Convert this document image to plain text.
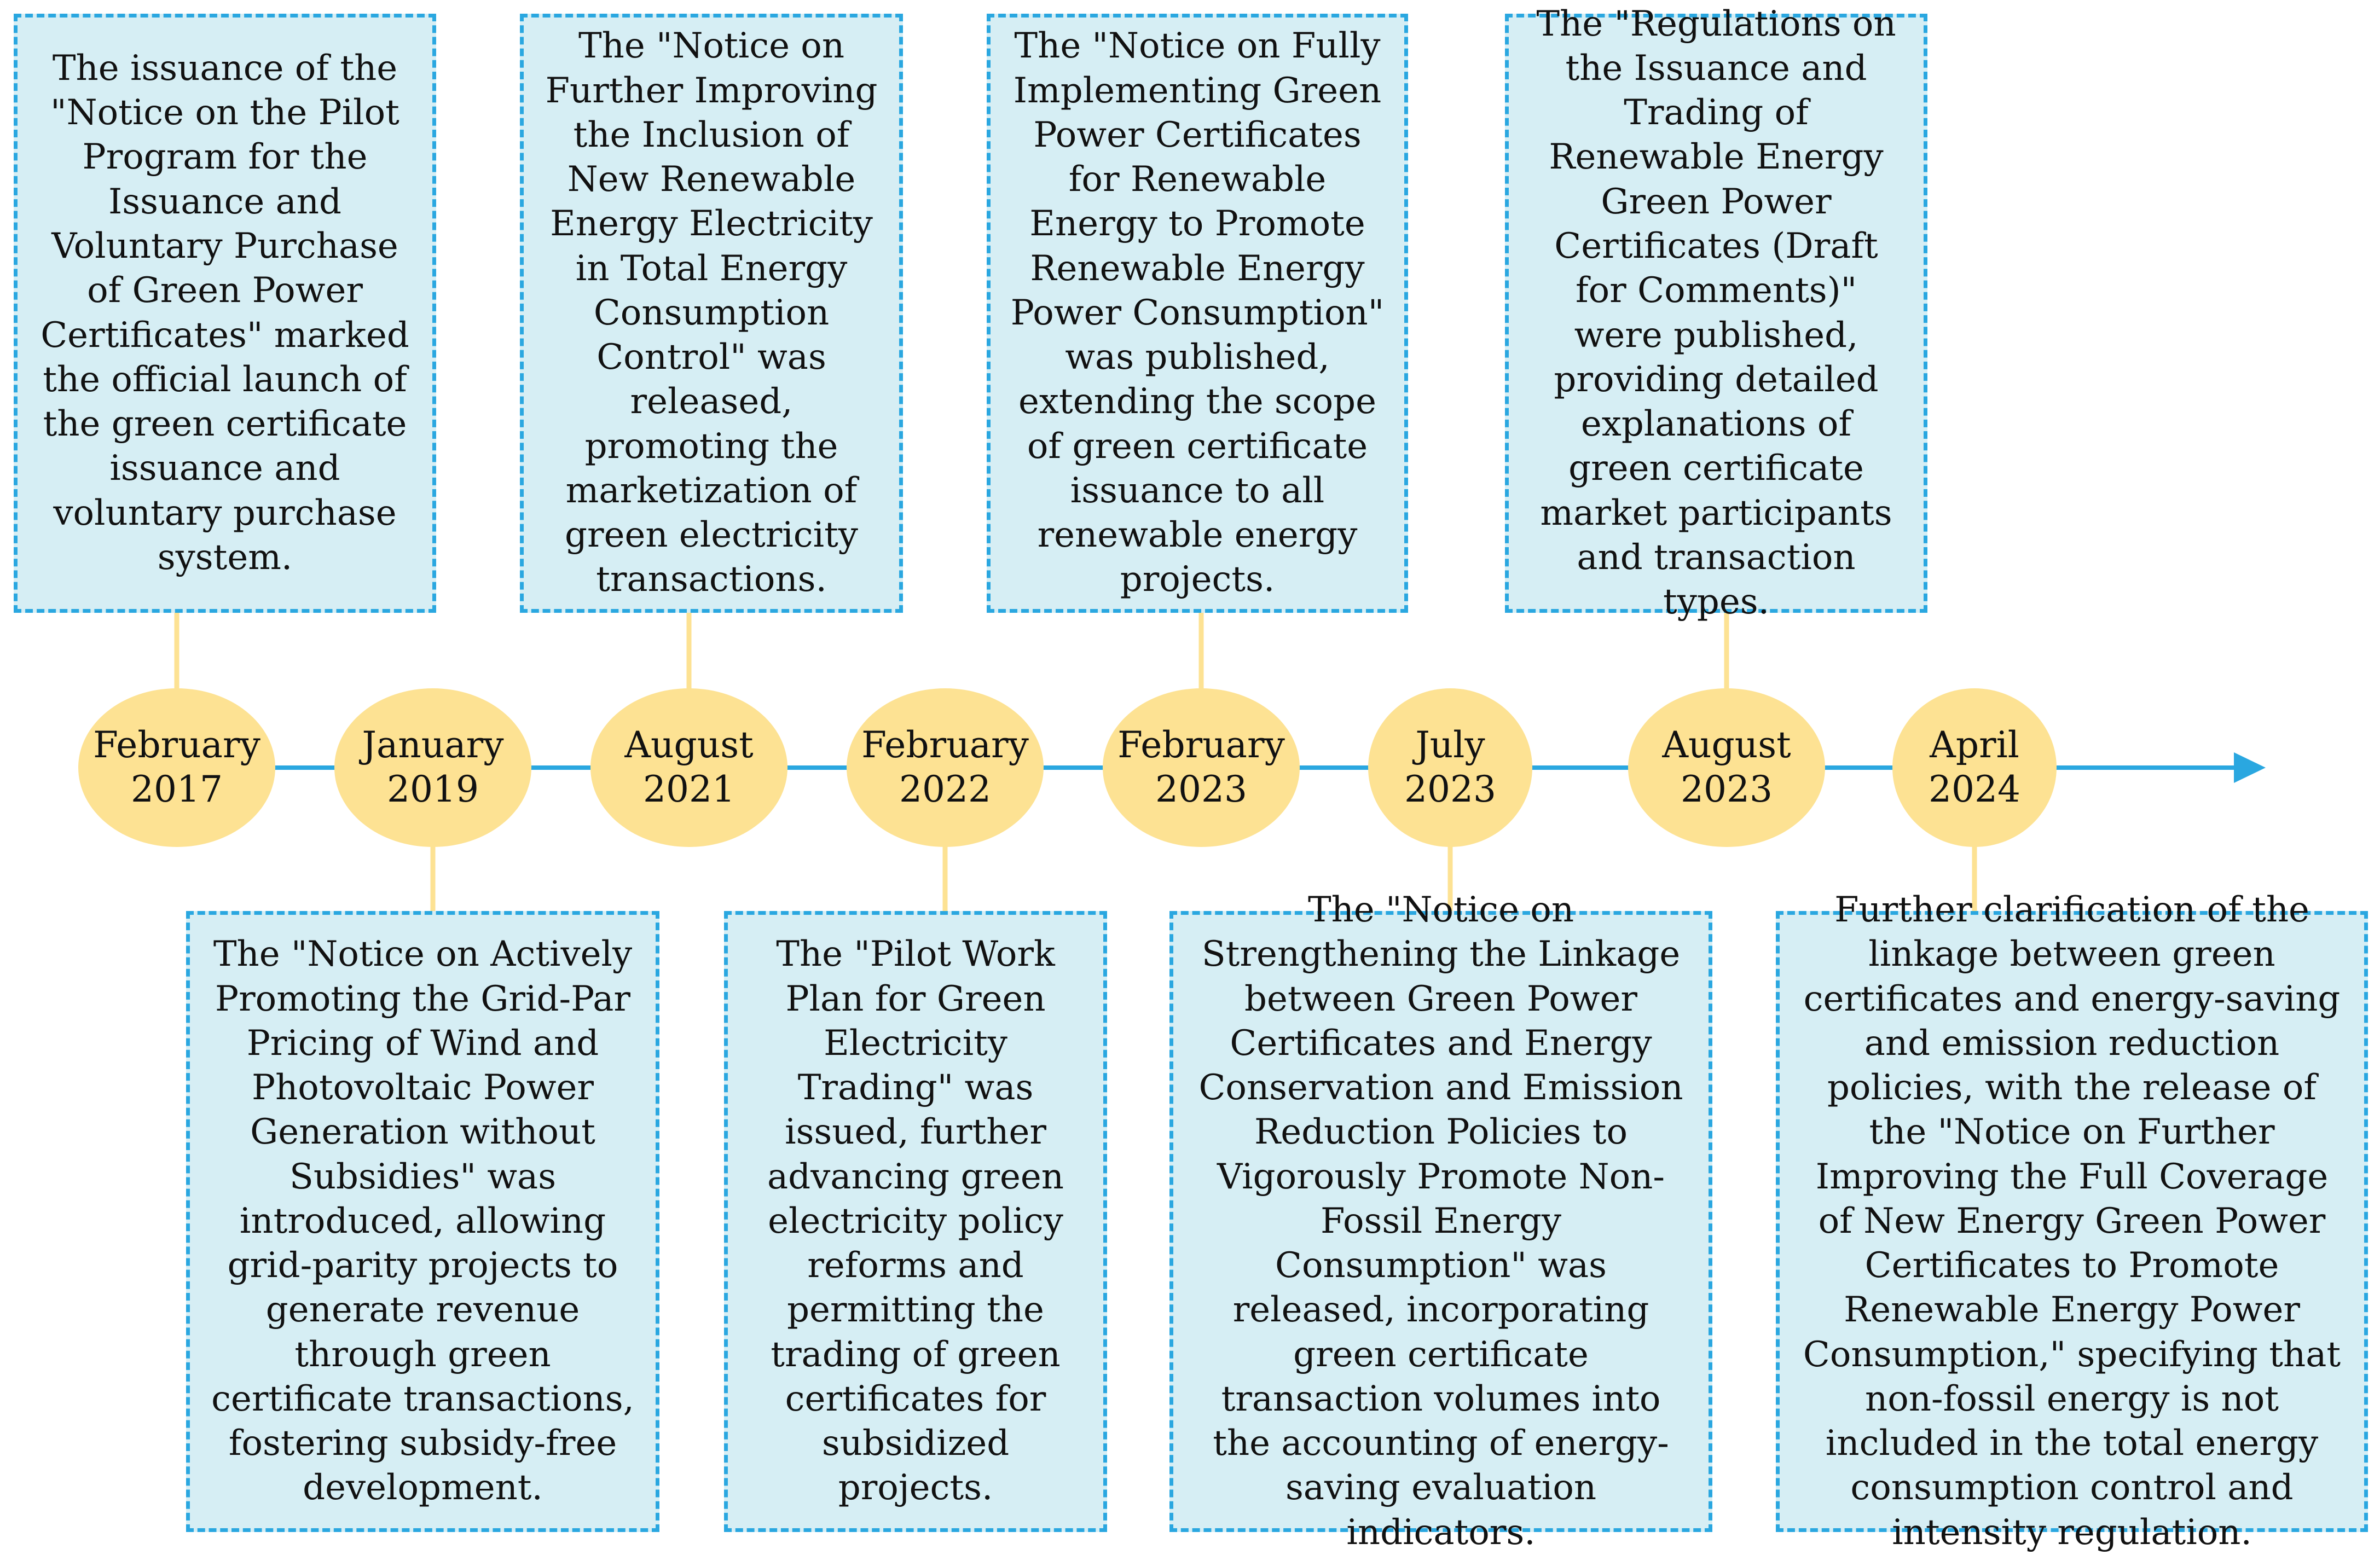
The issuance of the "Notice on the Pilot Program for the Issuance and Voluntary Purchase of Green Power Certificates" marked the official launch of the green certificate issuance and voluntary purchase system.
The "Notice on Further Improving the Inclusion of New Renewable Energy Electricity in Total Energy Consumption Control" was released, promoting the marketization of green electricity transactions.
The "Notice on Fully Implementing Green Power Certificates for Renewable Energy to Promote Renewable Energy Power Consumption" was published, extending the scope of green certificate issuance to all renewable energy projects.
The "Regulations on the Issuance and Trading of Renewable Energy Green Power Certificates (Draft for Comments)" were published, providing detailed explanations of green certificate market participants and transaction types.
The "Notice on Actively Promoting the Grid-Par Pricing of Wind and Photovoltaic Power Generation without Subsidies" was introduced, allowing grid-parity projects to generate revenue through green certificate transactions, fostering subsidy-free development.
The "Pilot Work Plan for Green Electricity Trading" was issued, further advancing green electricity policy reforms and permitting the trading of green certificates for subsidized projects.
The "Notice on Strengthening the Linkage between Green Power Certificates and Energy Conservation and Emission Reduction Policies to Vigorously Promote Non-Fossil Energy Consumption" was released, incorporating green certificate transaction volumes into the accounting of energy-saving evaluation indicators.
Further clarification of the linkage between green certificates and energy-saving and emission reduction policies, with the release of the "Notice on Further Improving the Full Coverage of New Energy Green Power Certificates to Promote Renewable Energy Power Consumption," specifying that non-fossil energy is not included in the total energy consumption control and intensity regulation.
February
2017
January
2019
August
2021
February
2022
February
2023
July
2023
August
2023
April
2024
